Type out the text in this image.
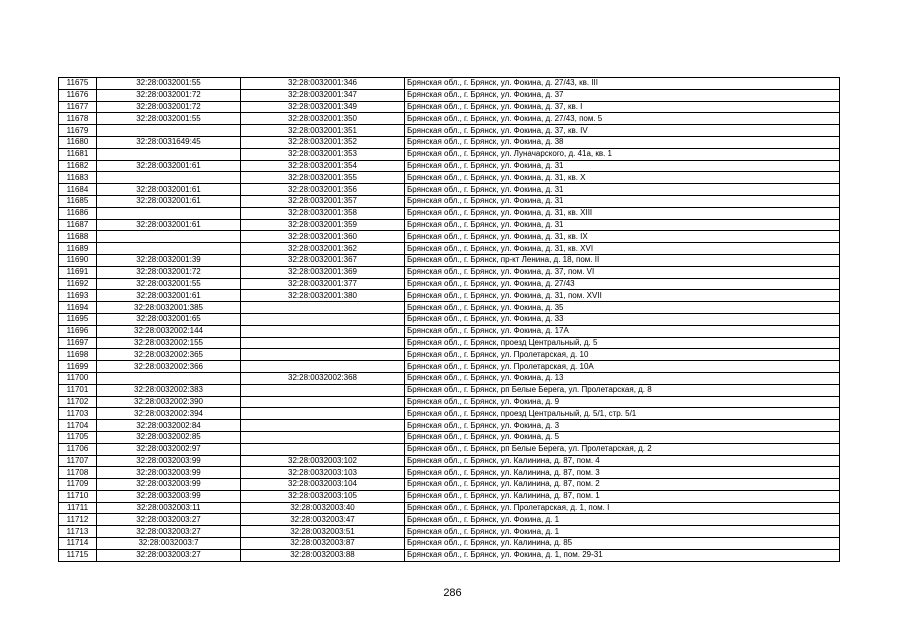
11675	32:28:0032001:55	32:28:0032001:346	Брянская обл., г. Брянск, ул. Фокина, д. 27/43, кв. III
11676	32:28:0032001:72	32:28:0032001:347	Брянская обл., г. Брянск, ул. Фокина, д. 37
11677	32:28:0032001:72	32:28:0032001:349	Брянская обл., г. Брянск, ул. Фокина, д. 37, кв. I
11678	32:28:0032001:55	32:28:0032001:350	Брянская обл., г. Брянск, ул. Фокина, д. 27/43, пом. 5
11679		32:28:0032001:351	Брянская обл., г. Брянск, ул. Фокина, д. 37, кв. IV
11680	32:28:0031649:45	32:28:0032001:352	Брянская обл., г. Брянск, ул. Фокина, д. 38
11681		32:28:0032001:353	Брянская обл., г. Брянск, ул. Луначарского, д. 41а, кв. 1
11682	32:28:0032001:61	32:28:0032001:354	Брянская обл., г. Брянск, ул. Фокина, д. 31
11683		32:28:0032001:355	Брянская обл., г. Брянск, ул. Фокина, д. 31, кв. X
11684	32:28:0032001:61	32:28:0032001:356	Брянская обл., г. Брянск, ул. Фокина, д. 31
11685	32:28:0032001:61	32:28:0032001:357	Брянская обл., г. Брянск, ул. Фокина, д. 31
11686		32:28:0032001:358	Брянская обл., г. Брянск, ул. Фокина, д. 31, кв. XIII
11687	32:28:0032001:61	32:28:0032001:359	Брянская обл., г. Брянск, ул. Фокина, д. 31
11688		32:28:0032001:360	Брянская обл., г. Брянск, ул. Фокина, д. 31, кв. IX
11689		32:28:0032001:362	Брянская обл., г. Брянск, ул. Фокина, д. 31, кв. XVI
11690	32:28:0032001:39	32:28:0032001:367	Брянская обл., г. Брянск, пр-кт Ленина, д. 18, пом. II
11691	32:28:0032001:72	32:28:0032001:369	Брянская обл., г. Брянск, ул. Фокина, д. 37, пом. VI
11692	32:28:0032001:55	32:28:0032001:377	Брянская обл., г. Брянск, ул. Фокина, д. 27/43
11693	32:28:0032001:61	32:28:0032001:380	Брянская обл., г. Брянск, ул. Фокина, д. 31, пом. XVII
11694	32:28:0032001:385		Брянская обл., г. Брянск, ул. Фокина, д. 35
11695	32:28:0032001:65		Брянская обл., г. Брянск, ул. Фокина, д. 33
11696	32:28:0032002:144		Брянская обл., г. Брянск, ул. Фокина, д. 17А
11697	32:28:0032002:155		Брянская обл., г. Брянск, проезд Центральный, д. 5
11698	32:28:0032002:365		Брянская обл., г. Брянск, ул. Пролетарская, д. 10
11699	32:28:0032002:366		Брянская обл., г. Брянск, ул. Пролетарская, д. 10А
11700		32:28:0032002:368	Брянская обл., г. Брянск, ул. Фокина, д. 13
11701	32:28:0032002:383		Брянская обл., г. Брянск, рп Белые Берега, ул. Пролетарская, д. 8
11702	32:28:0032002:390		Брянская обл., г. Брянск, ул. Фокина, д. 9
11703	32:28:0032002:394		Брянская обл., г. Брянск, проезд Центральный, д. 5/1, стр. 5/1
11704	32:28:0032002:84		Брянская обл., г. Брянск, ул. Фокина, д. 3
11705	32:28:0032002:85		Брянская обл., г. Брянск, ул. Фокина, д. 5
11706	32:28:0032002:97		Брянская обл., г. Брянск, рп Белые Берега, ул. Пролетарская, д. 2
11707	32:28:0032003:99	32:28:0032003:102	Брянская обл., г. Брянск, ул. Калинина, д. 87, пом. 4
11708	32:28:0032003:99	32:28:0032003:103	Брянская обл., г. Брянск, ул. Калинина, д. 87, пом. 3
11709	32:28:0032003:99	32:28:0032003:104	Брянская обл., г. Брянск, ул. Калинина, д. 87, пом. 2
11710	32:28:0032003:99	32:28:0032003:105	Брянская обл., г. Брянск, ул. Калинина, д. 87, пом. 1
11711	32:28:0032003:11	32:28:0032003:40	Брянская обл., г. Брянск, ул. Пролетарская, д. 1, пом. I
11712	32:28:0032003:27	32:28:0032003:47	Брянская обл., г. Брянск, ул. Фокина, д. 1
11713	32:28:0032003:27	32:28:0032003:51	Брянская обл., г. Брянск, ул. Фокина, д. 1
11714	32:28:0032003:7	32:28:0032003:87	Брянская обл., г. Брянск, ул. Калинина, д. 85
11715	32:28:0032003:27	32:28:0032003:88	Брянская обл., г. Брянск, ул. Фокина, д. 1, пом. 29-31
286
